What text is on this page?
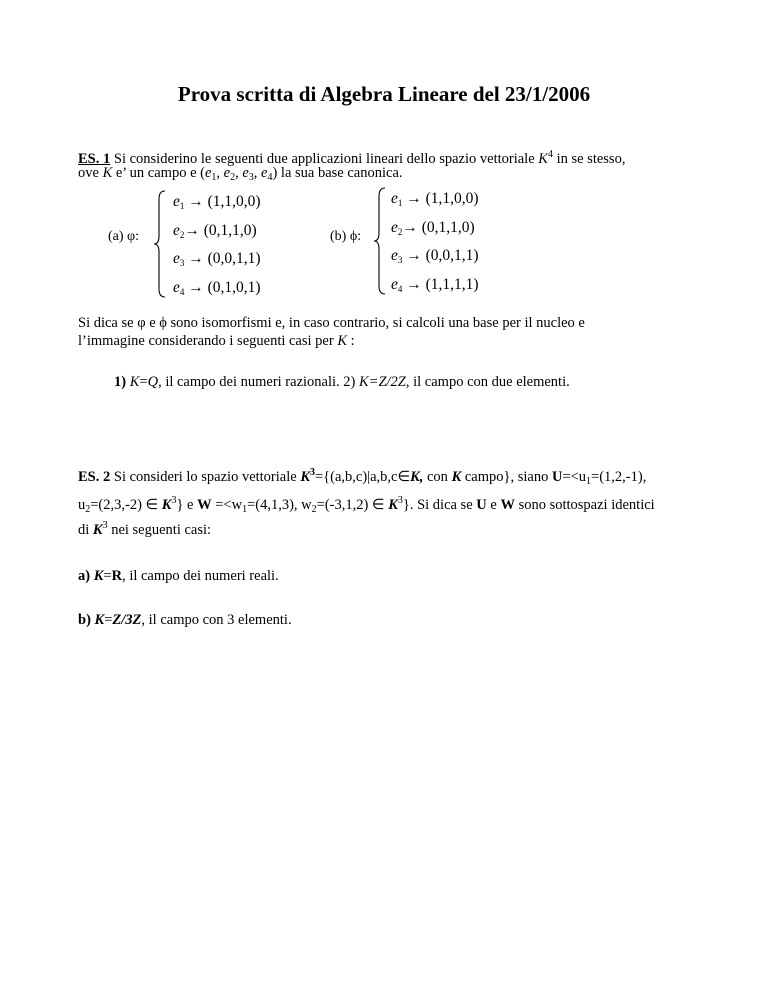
Prova scritta di Algebra Lineare del 23/1/2006
ES. 1 Si considerino le seguenti due applicazioni lineari dello spazio vettoriale $K^4$ in se stesso,
ove K e’ un campo e ($e_1$, $e_2$, $e_3$, $e_4$) la sua base canonica.
(a) φ:
$e_1 \to (1,1,0,0)$
$e_2\to (0,1,1,0)$
$e_3 \to (0,0,1,1)$
$e_4 \to (0,1,0,1)$
(b) ϕ:
$e_1 \to (1,1,0,0)$
$e_2\to (0,1,1,0)$
$e_3 \to (0,0,1,1)$
$e_4 \to (1,1,1,1)$
Si dica se φ e ϕ sono isomorfismi e, in caso contrario, si calcoli una base per il nucleo e
l’immagine considerando i seguenti casi per K :
1) K=Q, il campo dei numeri razionali. 2) K=Z/2Z, il campo con due elementi.
ES. 2 Si consideri lo spazio vettoriale $K^3=\{(a,b,c)|a,b,c\in K$, con K campo}, siano $U=<u_1=(1,2,-1)$,
$u_2=(2,3,-2)$ ∈ $K^3$} e $W =<w_1=(4,1,3)$, $w_2=(-3,1,2)$ ∈ $K^3$}. Si dica se U e W sono sottospazi identici
di $K^3$ nei seguenti casi:
a) K=R, il campo dei numeri reali.
b) K=Z/3Z, il campo con 3 elementi.
